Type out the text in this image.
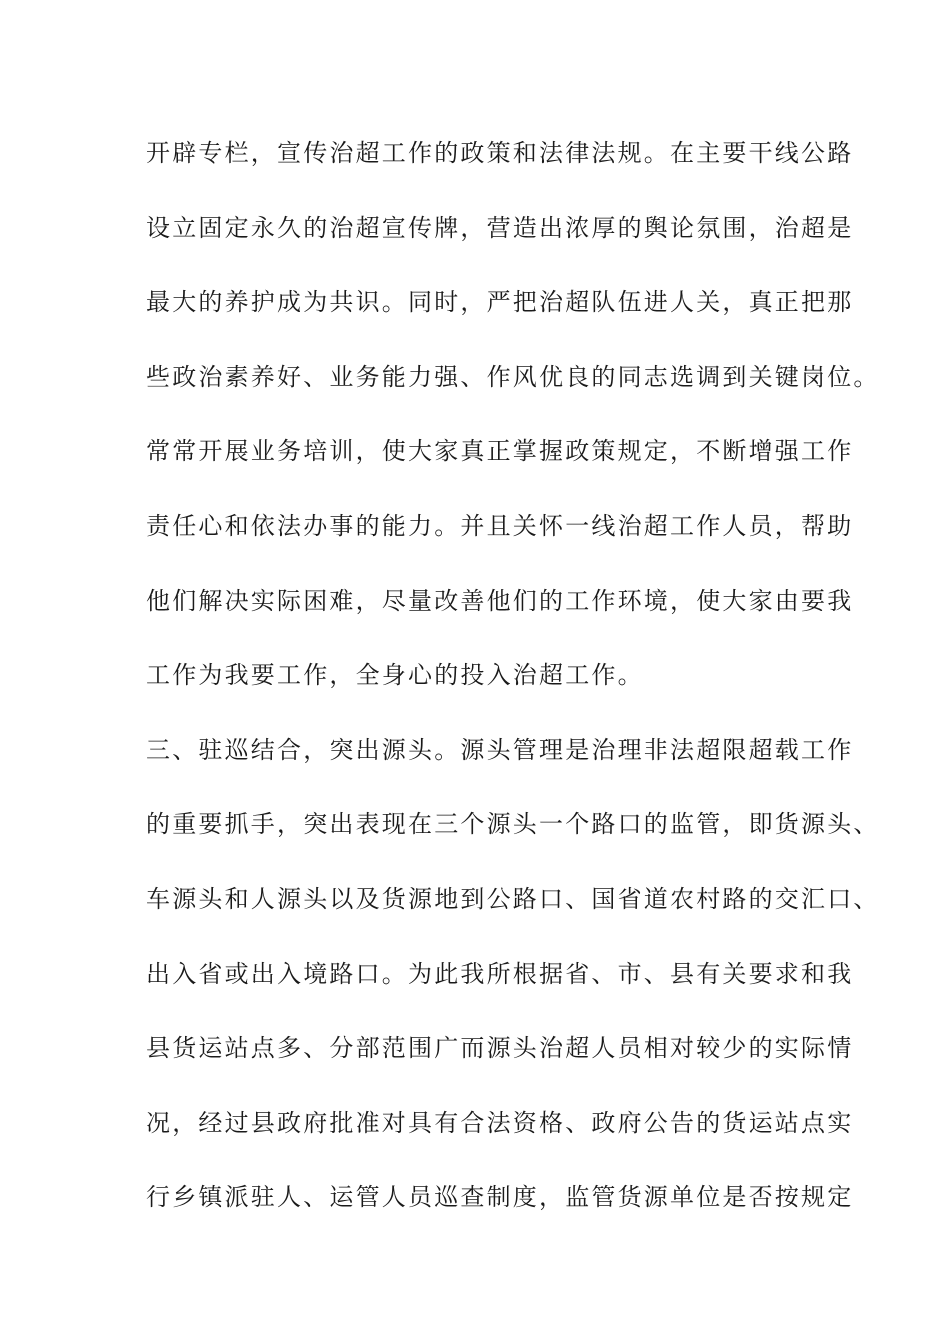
开辟专栏，宣传治超工作的政策和法律法规。在主要干线公路
设立固定永久的治超宣传牌，营造出浓厚的舆论氛围，治超是
最大的养护成为共识。同时，严把治超队伍进人关，真正把那
些政治素养好、业务能力强、作风优良的同志选调到关键岗位。
常常开展业务培训，使大家真正掌握政策规定，不断增强工作
责任心和依法办事的能力。并且关怀一线治超工作人员，帮助
他们解决实际困难，尽量改善他们的工作环境，使大家由要我
工作为我要工作，全身心的投入治超工作。
三、驻巡结合，突出源头。源头管理是治理非法超限超载工作
的重要抓手，突出表现在三个源头一个路口的监管，即货源头、
车源头和人源头以及货源地到公路口、国省道农村路的交汇口、
出入省或出入境路口。为此我所根据省、市、县有关要求和我
县货运站点多、分部范围广而源头治超人员相对较少的实际情
况，经过县政府批准对具有合法资格、政府公告的货运站点实
行乡镇派驻人、运管人员巡查制度，监管货源单位是否按规定
